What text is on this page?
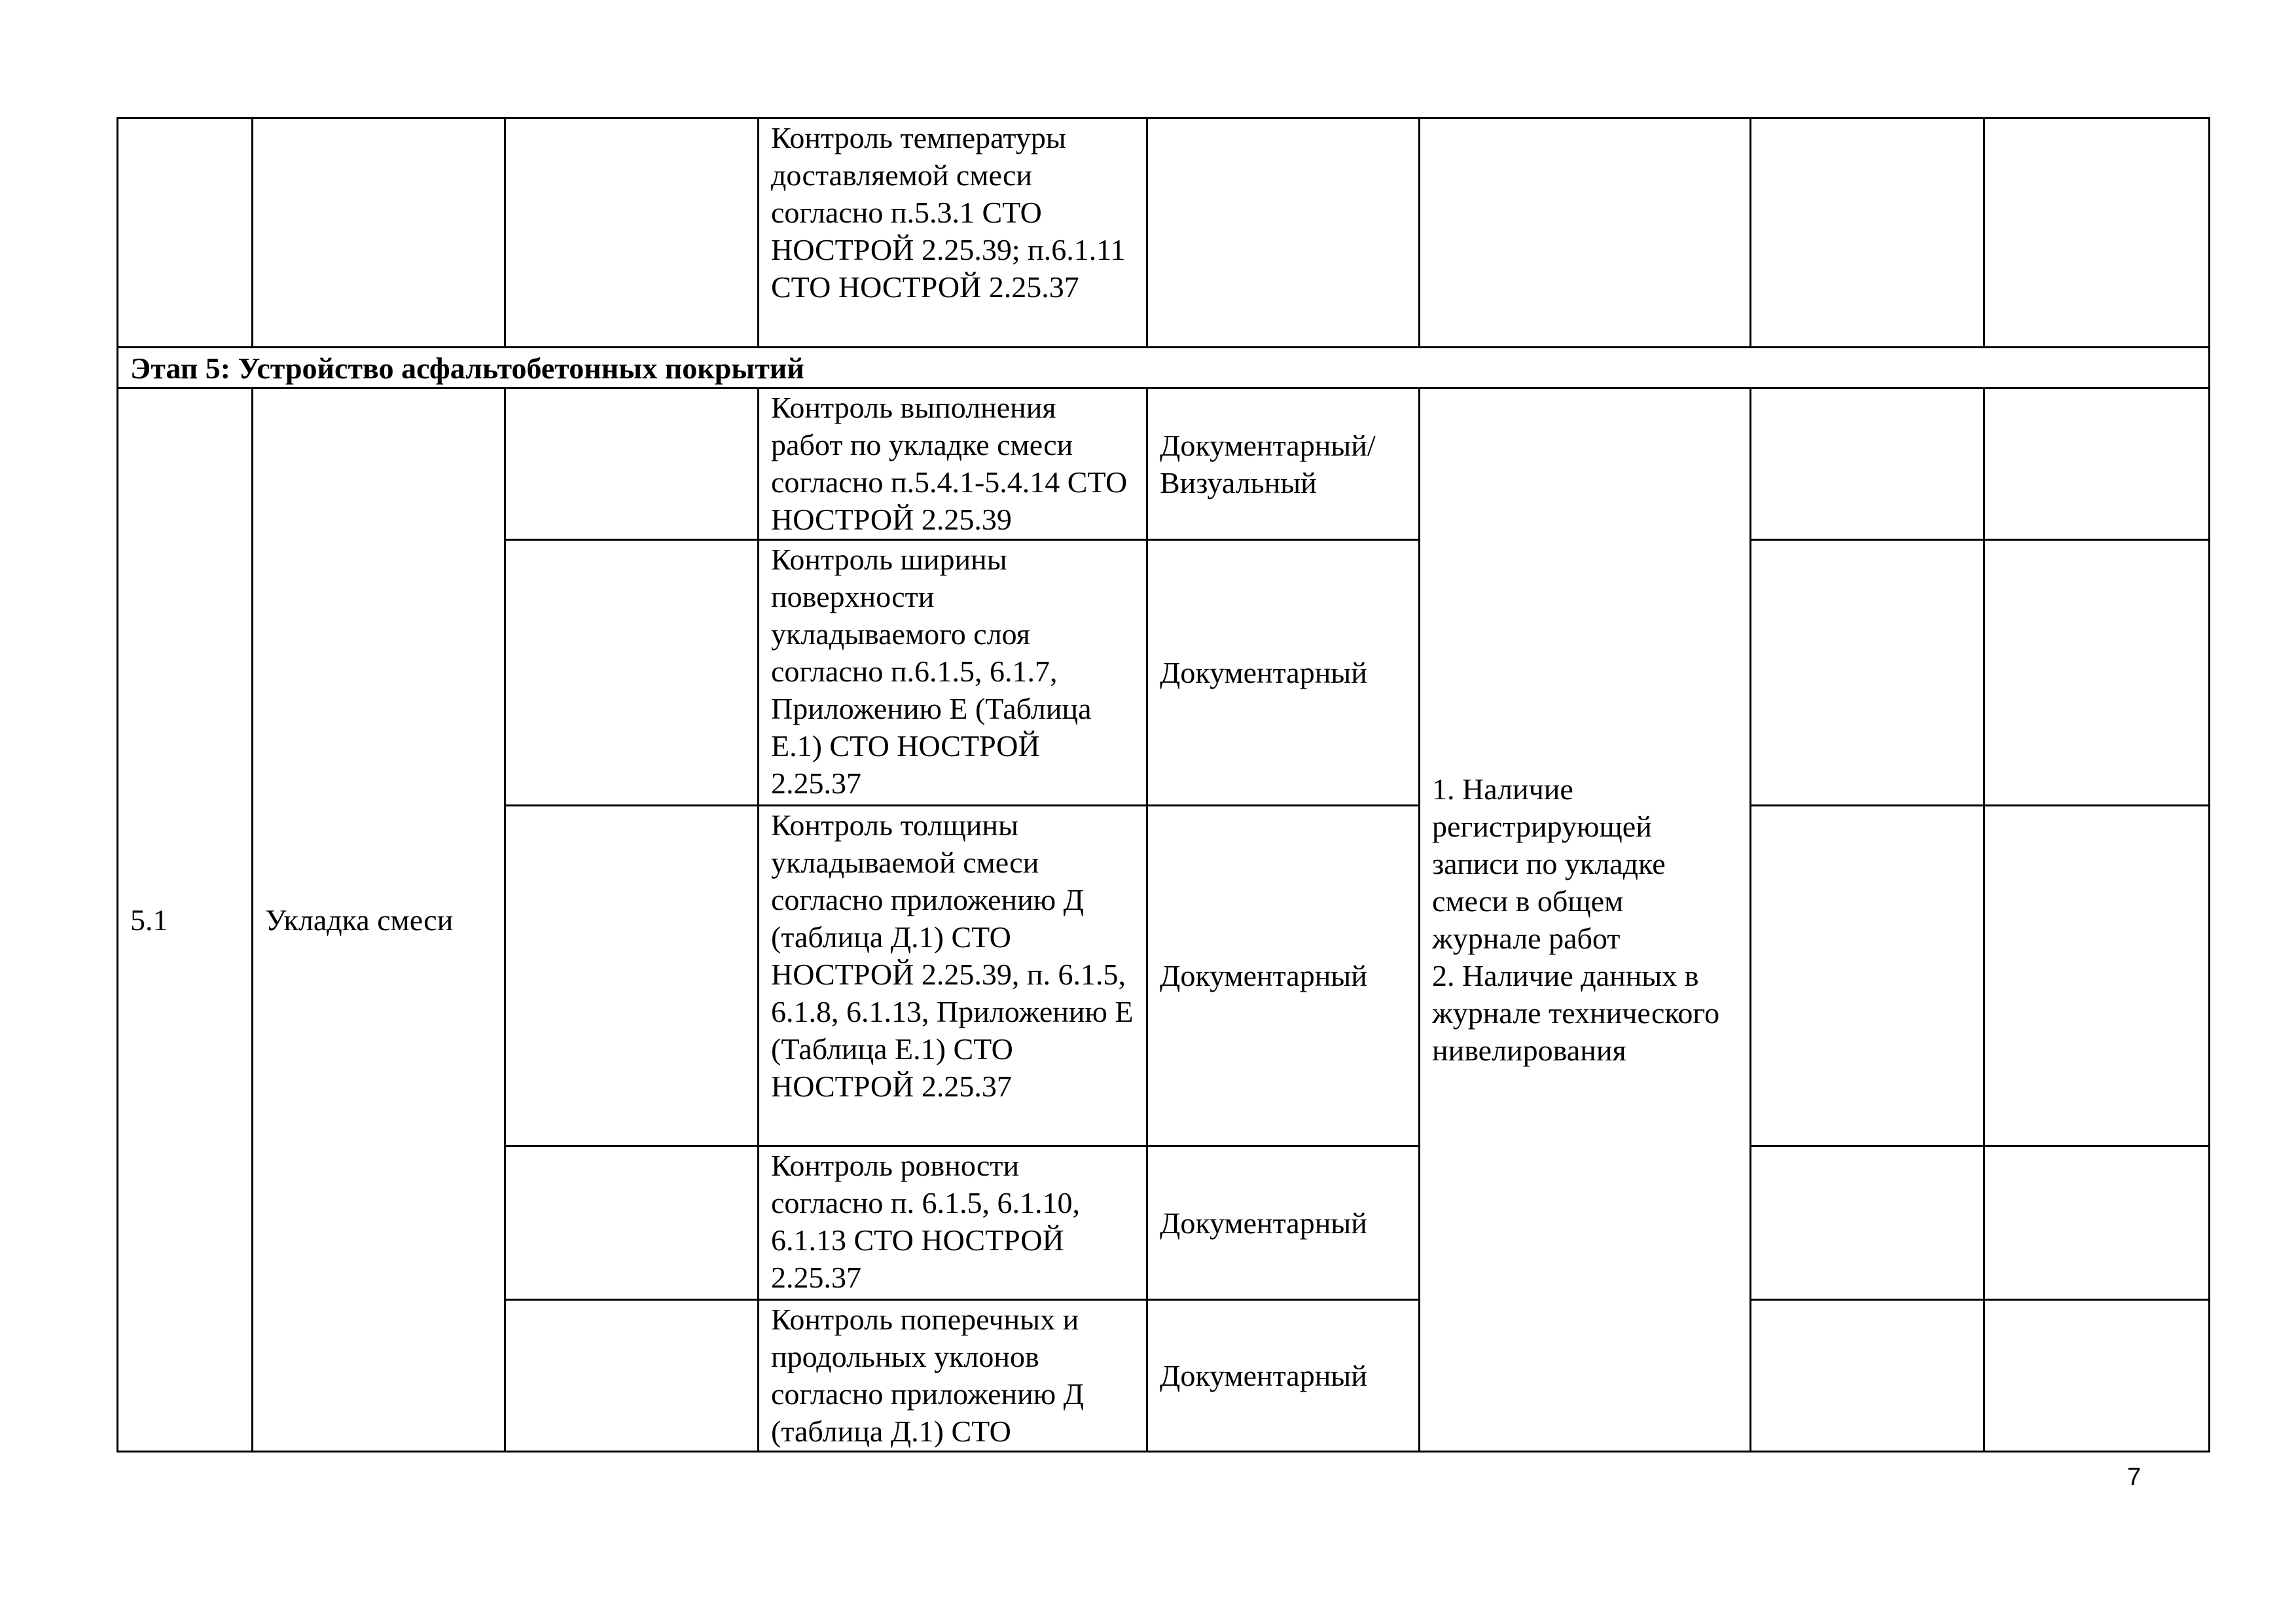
			Контроль температуры доставляемой смеси согласно п.5.3.1 СТО НОСТРОЙ 2.25.39; п.6.1.11 СТО НОСТРОЙ 2.25.37				
Этап 5: Устройство асфальтобетонных покрытий							
5.1	Укладка смеси		Контроль выполнения работ по укладке смеси согласно п.5.4.1-5.4.14 СТО НОСТРОЙ 2.25.39	Документарный/ Визуальный	1. Наличие регистрирующей записи по укладке смеси в общем журнале работ
2. Наличие данных в журнале технического нивелирования		
			Контроль ширины поверхности укладываемого слоя согласно п.6.1.5, 6.1.7, Приложению Е (Таблица Е.1) СТО НОСТРОЙ 2.25.37	Документарный			
			Контроль толщины укладываемой смеси согласно приложению Д (таблица Д.1) СТО НОСТРОЙ 2.25.39, п. 6.1.5, 6.1.8, 6.1.13, Приложению Е (Таблица Е.1) СТО НОСТРОЙ 2.25.37	Документарный			
			Контроль ровности согласно п. 6.1.5, 6.1.10, 6.1.13 СТО НОСТРОЙ 2.25.37	Документарный			
			Контроль поперечных и продольных уклонов согласно приложению Д (таблица Д.1) СТО	Документарный			
7
